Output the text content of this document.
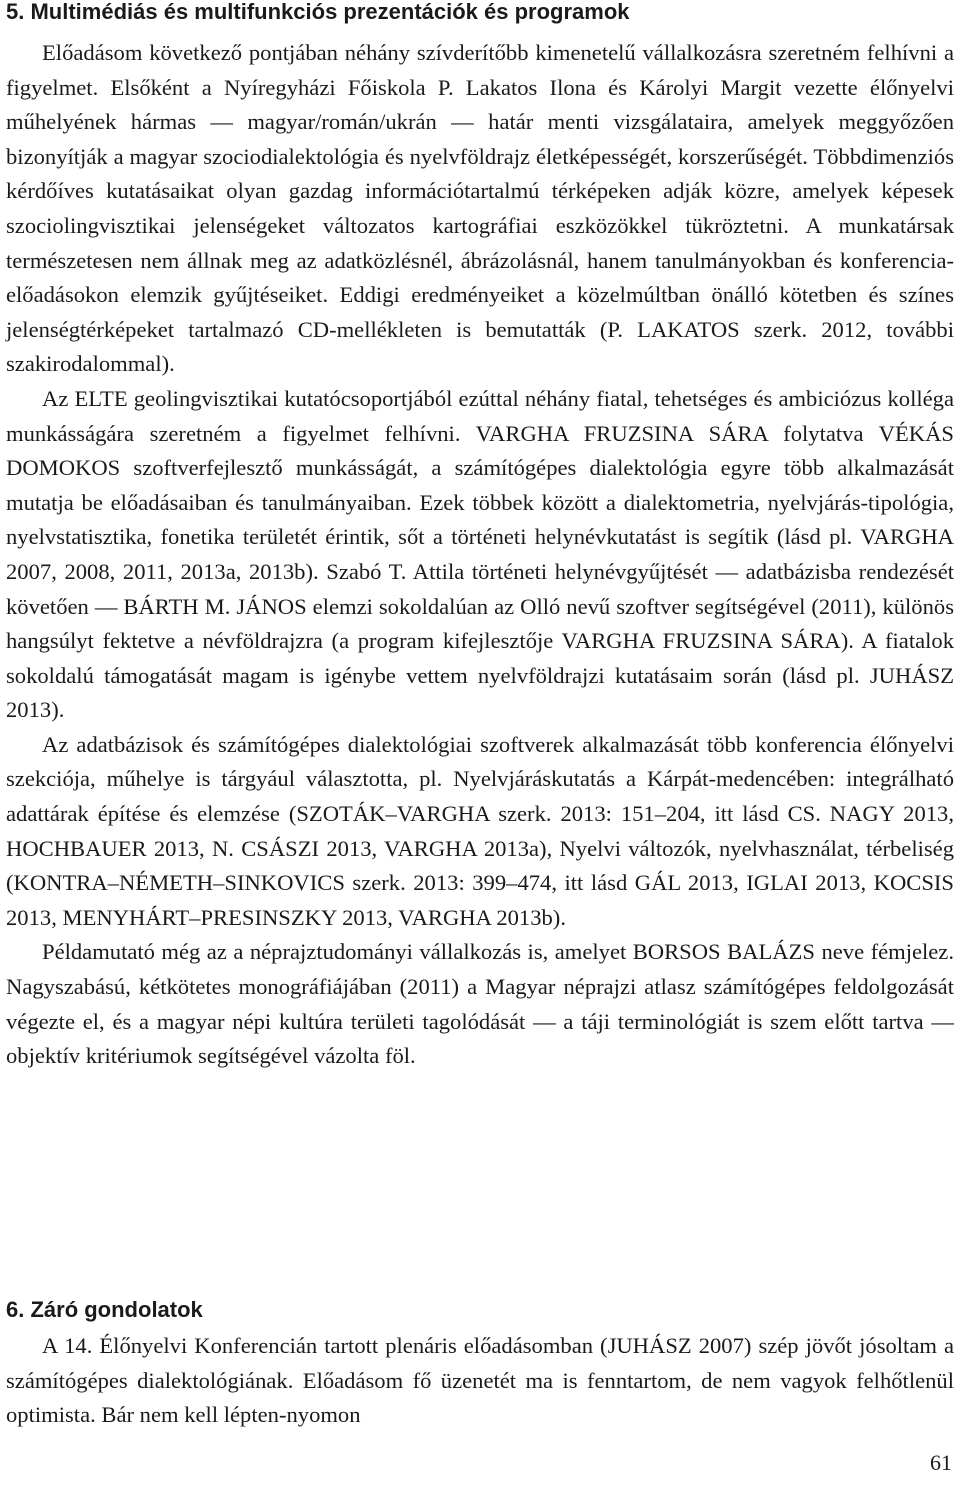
5. Multimédiás és multifunkciós prezentációk és programok

Előadásom következő pontjában néhány szívderítőbb kimenetelű vállalkozásra szeretném felhívni a figyelmet. Elsőként a Nyíregyházi Főiskola P. Lakatos Ilona és Károlyi Margit vezette élőnyelvi műhelyének hármas — magyar/román/ukrán — határ menti vizsgálataira, amelyek meggyőzően bizonyítják a magyar szociodialektológia és nyelvföldrajz életképességét, korszerűségét. Többdimenziós kérdőíves kutatásaikat olyan gazdag információtartalmú térképeken adják közre, amelyek képesek szociolingvisztikai jelenségeket változatos kartográfiai eszközökkel tükröztetni. A munkatársak természetesen nem állnak meg az adatközlésnél, ábrázolásnál, hanem tanulmányokban és konferencia-előadásokon elemzik gyűjtéseiket. Eddigi eredményeiket a közelmúltban önálló kötetben és színes jelenségtérképeket tartalmazó CD-mellékleten is bemutatták (P. LAKATOS szerk. 2012, további szakirodalommal).

Az ELTE geolingvisztikai kutatócsoportjából ezúttal néhány fiatal, tehetséges és ambiciózus kolléga munkásságára szeretném a figyelmet felhívni. VARGHA FRUZSINA SÁRA folytatva VÉKÁS DOMOKOS szoftverfejlesztő munkásságát, a számítógépes dialektológia egyre több alkalmazását mutatja be előadásaiban és tanulmányaiban. Ezek többek között a dialektometria, nyelvjárás-tipológia, nyelvstatisztika, fonetika területét érintik, sőt a történeti helynévkutatást is segítik (lásd pl. VARGHA 2007, 2008, 2011, 2013a, 2013b). Szabó T. Attila történeti helynévgyűjtését — adatbázisba rendezését követően — BÁRTH M. JÁNOS elemzi sokoldalúan az Olló nevű szoftver segítségével (2011), különös hangsúlyt fektetve a névföldrajzra (a program kifejlesztője VARGHA FRUZSINA SÁRA). A fiatalok sokoldalú támogatását magam is igénybe vettem nyelvföldrajzi kutatásaim során (lásd pl. JUHÁSZ 2013).

Az adatbázisok és számítógépes dialektológiai szoftverek alkalmazását több konferencia élőnyelvi szekciója, műhelye is tárgyául választotta, pl. Nyelvjáráskutatás a Kárpát-medencében: integrálható adattárak építése és elemzése (SZOTÁK–VARGHA szerk. 2013: 151–204, itt lásd CS. NAGY 2013, HOCHBAUER 2013, N. CSÁSZI 2013, VARGHA 2013a), Nyelvi változók, nyelvhasználat, térbeliség (KONTRA–NÉMETH–SINKOVICS szerk. 2013: 399–474, itt lásd GÁL 2013, IGLAI 2013, KOCSIS 2013, MENYHÁRT–PRESINSZKY 2013, VARGHA 2013b).

Példamutató még az a néprajztudományi vállalkozás is, amelyet BORSOS BALÁZS neve fémjelez. Nagyszabású, kétkötetes monográfiájában (2011) a Magyar néprajzi atlasz számítógépes feldolgozását végezte el, és a magyar népi kultúra területi tagolódását — a táji terminológiát is szem előtt tartva — objektív kritériumok segítségével vázolta föl.

6. Záró gondolatok

A 14. Élőnyelvi Konferencián tartott plenáris előadásomban (JUHÁSZ 2007) szép jövőt jósoltam a számítógépes dialektológiának. Előadásom fő üzenetét ma is fenntartom, de nem vagyok felhőtlenül optimista. Bár nem kell lépten-nyomon

61
